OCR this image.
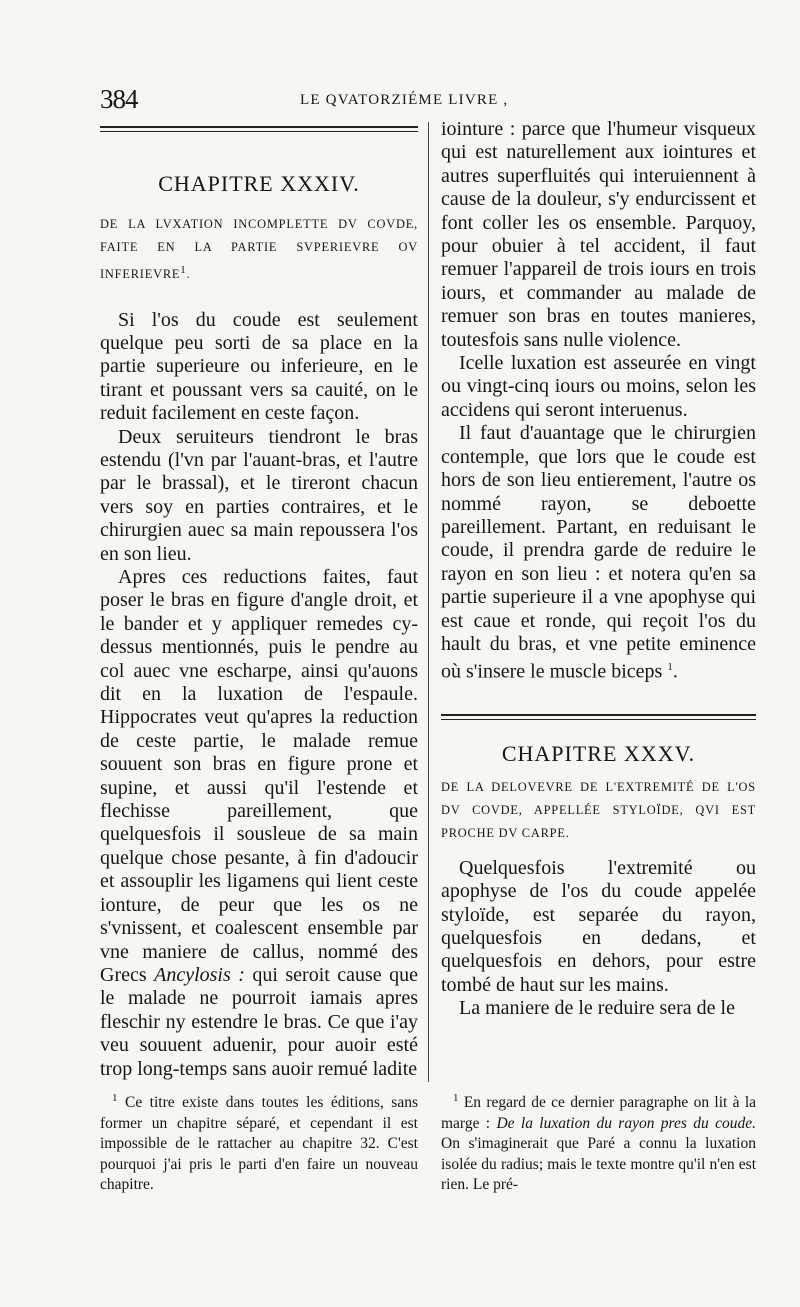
384	LE QVATORZIÉME LIVRE ,
CHAPITRE XXXIV.
DE LA LVXATION INCOMPLETTE DV COVDE, FAITE EN LA PARTIE SVPERIEVRE OV INFERIEVRE$^1$.

Si l'os du coude est seulement quelque peu sorti de sa place en la partie superieure ou inferieure, en le tirant et poussant vers sa cauité, on le reduit facilement en ceste façon.

Deux seruiteurs tiendront le bras estendu (l'vn par l'auant-bras, et l'autre par le brassal), et le tireront chacun vers soy en parties contraires, et le chirurgien auec sa main repoussera l'os en son lieu.

Apres ces reductions faites, faut poser le bras en figure d'angle droit, et le bander et y appliquer remedes cy-dessus mentionnés, puis le pendre au col auec vne escharpe, ainsi qu'auons dit en la luxation de l'espaule. Hippocrates veut qu'apres la reduction de ceste partie, le malade remue souuent son bras en figure prone et supine, et aussi qu'il l'estende et flechisse pareillement, que quelquesfois il sousleue de sa main quelque chose pesante, à fin d'adoucir et assouplir les ligamens qui lient ceste ionture, de peur que les os ne s'vnissent, et coalescent ensemble par vne maniere de callus, nommé des Grecs Ancylosis : qui seroit cause que le malade ne pourroit iamais apres fleschir ny estendre le bras. Ce que i'ay veu souuent aduenir, pour auoir esté trop long-temps sans auoir remué ladite

iointure : parce que l'humeur visqueux qui est naturellement aux iointures et autres superfluités qui interuiennent à cause de la douleur, s'y endurcissent et font coller les os ensemble. Parquoy, pour obuier à tel accident, il faut remuer l'appareil de trois iours en trois iours, et commander au malade de remuer son bras en toutes manieres, toutesfois sans nulle violence.

Icelle luxation est asseurée en vingt ou vingt-cinq iours ou moins, selon les accidens qui seront interuenus.

Il faut d'auantage que le chirurgien contemple, que lors que le coude est hors de son lieu entierement, l'autre os nommé rayon, se deboette pareillement. Partant, en reduisant le coude, il prendra garde de reduire le rayon en son lieu : et notera qu'en sa partie superieure il a vne apophyse qui est caue et ronde, qui reçoit l'os du hault du bras, et vne petite eminence où s'insere le muscle biceps $^1$.

CHAPITRE XXXV.
DE LA DELOVEVRE DE L'EXTREMITÉ DE L'OS DV COVDE, APPELLÉE STYLOÏDE, QVI EST PROCHE DV CARPE.

Quelquesfois l'extremité ou apophyse de l'os du coude appelée styloïde, est separée du rayon, quelquesfois en dedans, et quelquesfois en dehors, pour estre tombé de haut sur les mains.

La maniere de le reduire sera de le

$^1$ Ce titre existe dans toutes les éditions, sans former un chapitre séparé, et cependant il est impossible de le rattacher au chapitre 32. C'est pourquoi j'ai pris le parti d'en faire un nouveau chapitre.

$^1$ En regard de ce dernier paragraphe on lit à la marge : De la luxation du rayon pres du coude. On s'imaginerait que Paré a connu la luxation isolée du radius; mais le texte montre qu'il n'en est rien. Le pré-
